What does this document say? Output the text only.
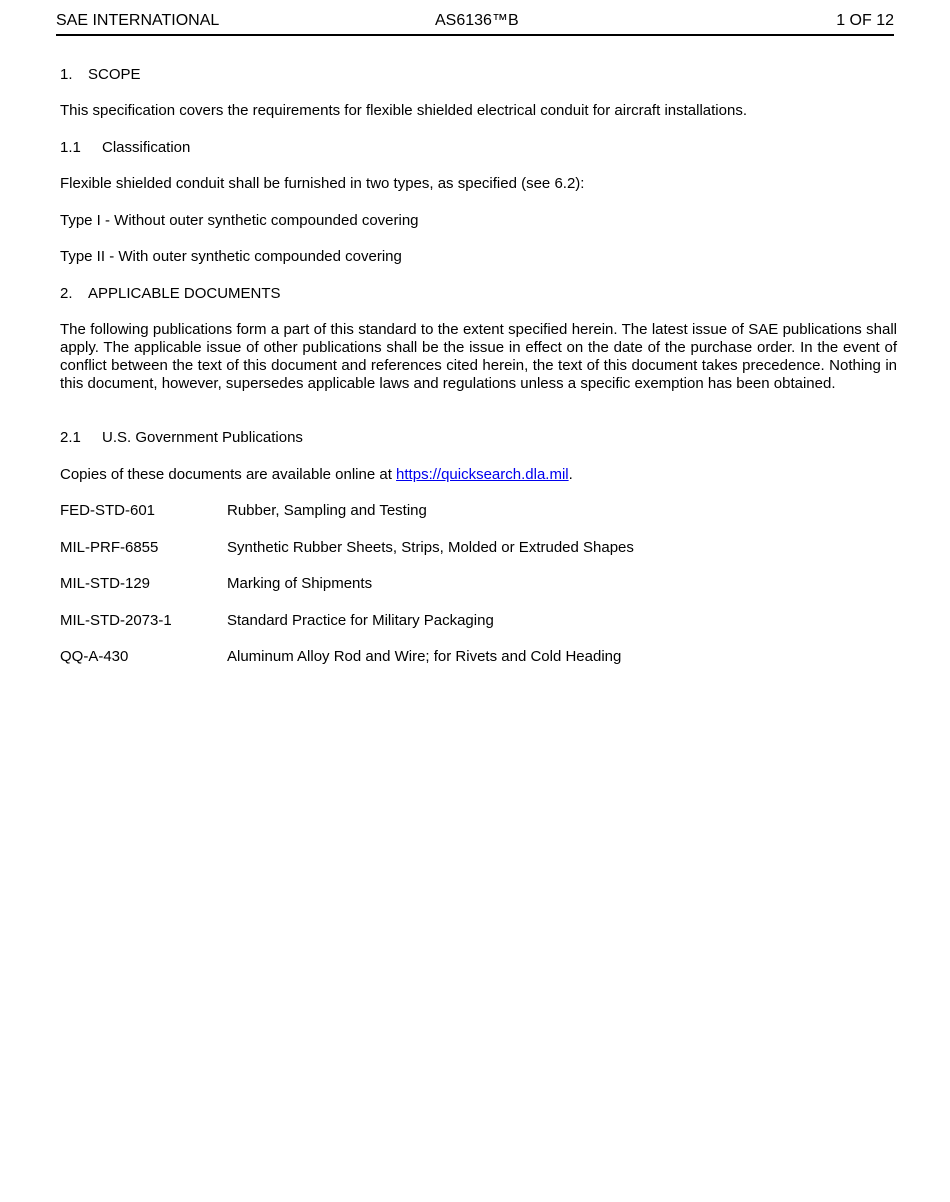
SAE INTERNATIONAL	AS6136™B	1 OF 12
1. SCOPE
This specification covers the requirements for flexible shielded electrical conduit for aircraft installations.
1.1 Classification
Flexible shielded conduit shall be furnished in two types, as specified (see 6.2):
Type I - Without outer synthetic compounded covering
Type II - With outer synthetic compounded covering
2. APPLICABLE DOCUMENTS
The following publications form a part of this standard to the extent specified herein. The latest issue of SAE publications shall apply. The applicable issue of other publications shall be the issue in effect on the date of the purchase order. In the event of conflict between the text of this document and references cited herein, the text of this document takes precedence. Nothing in this document, however, supersedes applicable laws and regulations unless a specific exemption has been obtained.
2.1 U.S. Government Publications
Copies of these documents are available online at https://quicksearch.dla.mil.
FED-STD-601	Rubber, Sampling and Testing
MIL-PRF-6855	Synthetic Rubber Sheets, Strips, Molded or Extruded Shapes
MIL-STD-129	Marking of Shipments
MIL-STD-2073-1	Standard Practice for Military Packaging
QQ-A-430	Aluminum Alloy Rod and Wire; for Rivets and Cold Heading
